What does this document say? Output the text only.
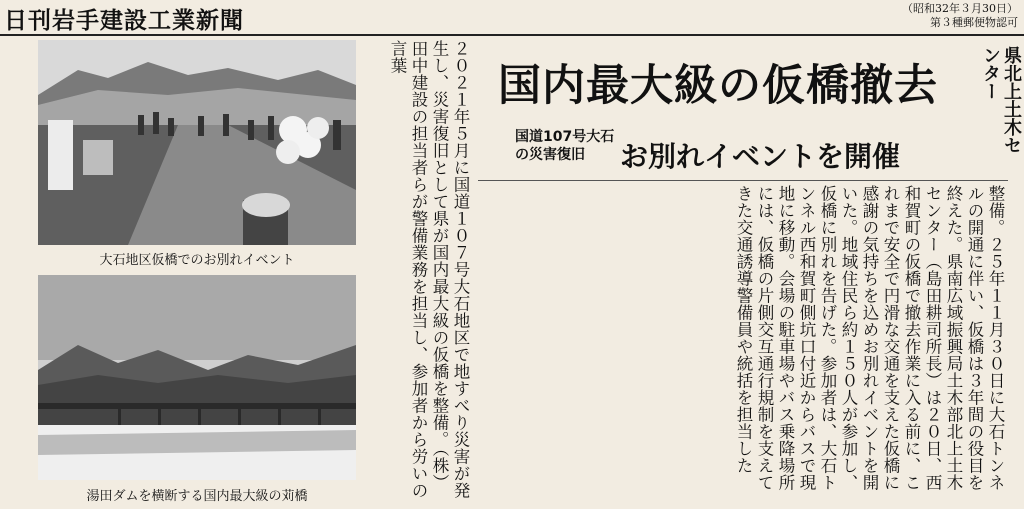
日刊岩手建設工業新聞	（昭和32年３月30日）
第３種郵便物認可
大石地区仮橋でのお別れイベント
湯田ダムを横断する国内最大級の苅橋	２０２１年５月に国道１０７号大石地区で地すべり災害が発生し、災害復旧として県が国内最大級の仮橋を整備。（株）田中建設の担当者らが警備業務を担当し、参加者から労いの言葉
国内最大級の仮橋撤去	県北上土木センター
国道107号大石の災害復旧	お別れイベントを開催
整備。２５年１１月３０日に大石トンネルの開通に伴い、仮橋は３年間の役目を終えた。県南広域振興局土木部北上土木センター（島田耕司所長）は２０日、西和賀町の仮橋で撤去作業に入る前に、これまで安全で円滑な交通を支えた仮橋に感謝の気持ちを込めお別れイベントを開いた。地域住民ら約１５０人が参加し、仮橋に別れを告げた。参加者は、大石トンネル西和賀町側坑口付近からバスで現地に移動。会場の駐車場やバス乗降場所には、仮橋の片側交互通行規制を支えてきた交通誘導警備員や統括を担当した
